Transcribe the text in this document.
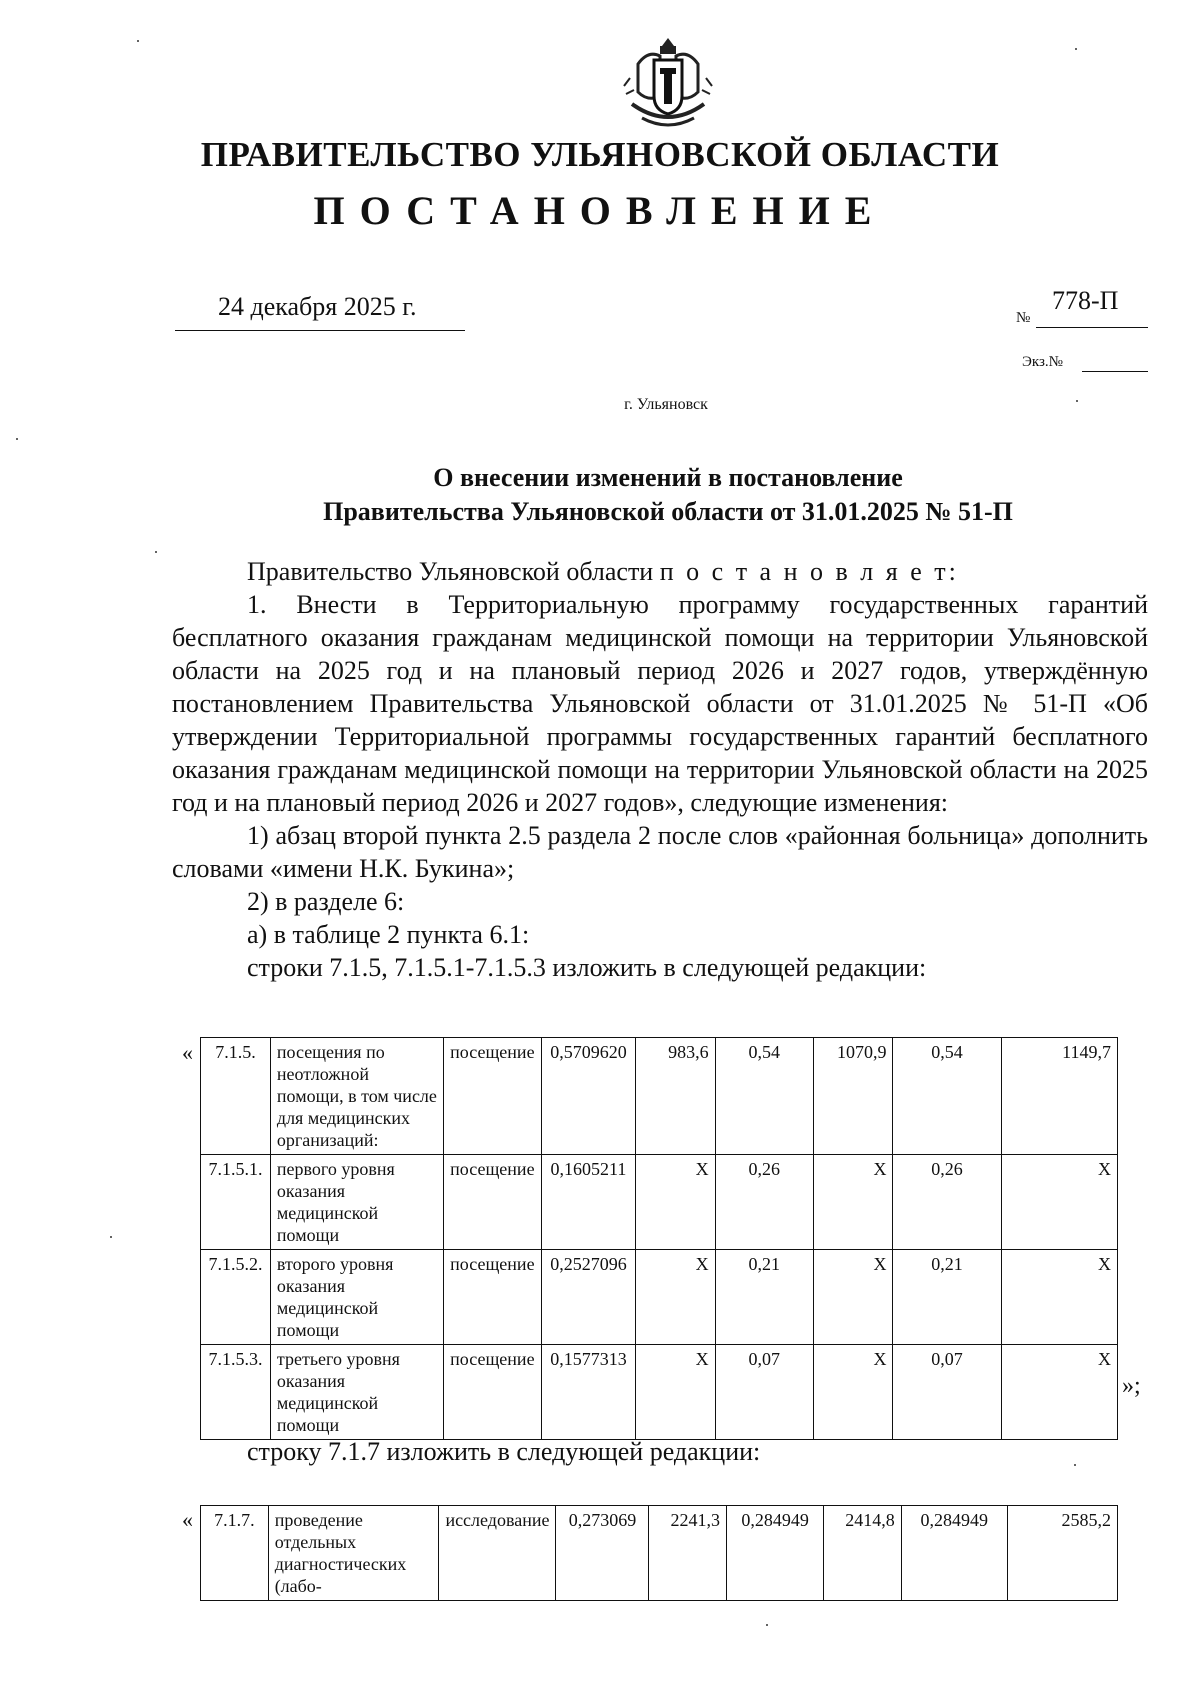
ПРАВИТЕЛЬСТВО УЛЬЯНОВСКОЙ ОБЛАСТИ
ПОСТАНОВЛЕНИЕ
24 декабря 2025 г.	№
778-П
Экз.№
г. Ульяновск
О внесении изменений в постановление
Правительства Ульяновской области от 31.01.2025 № 51-П

Правительство Ульяновской области п о с т а н о в л я е т:

1. Внести в Территориальную программу государственных гарантий бесплатного оказания гражданам медицинской помощи на территории Ульяновской области на 2025 год и на плановый период 2026 и 2027 годов, утверждённую постановлением Правительства Ульяновской области от 31.01.2025 № 51-П «Об утверждении Территориальной программы государственных гарантий бесплатного оказания гражданам медицинской помощи на территории Ульяновской области на 2025 год и на плановый период 2026 и 2027 годов», следующие изменения:

1) абзац второй пункта 2.5 раздела 2 после слов «районная больница» дополнить словами «имени Н.К. Букина»;

2) в разделе 6:

а) в таблице 2 пункта 6.1:

строки 7.1.5, 7.1.5.1-7.1.5.3 изложить в следующей редакции:

« 7.1.5.	посещения по неотложной помощи, в том числе для медицинских организаций:	посещение	0,5709620	983,6	0,54	1070,9	0,54	1149,7
7.1.5.1.	первого уровня оказания медицинской помощи	посещение	0,1605211	Х	0,26	Х	0,26	Х
7.1.5.2.	второго уровня оказания медицинской помощи	посещение	0,2527096	Х	0,21	Х	0,21	Х
7.1.5.3.	третьего уровня оказания медицинской помощи	посещение	0,1577313	Х	0,07	Х	0,07	Х
»;
строку 7.1.7 изложить в следующей редакции:
« 7.1.7.	проведение отдельных диагностических (лабо-	исследование	0,273069	2241,3	0,284949	2414,8	0,284949	2585,2
